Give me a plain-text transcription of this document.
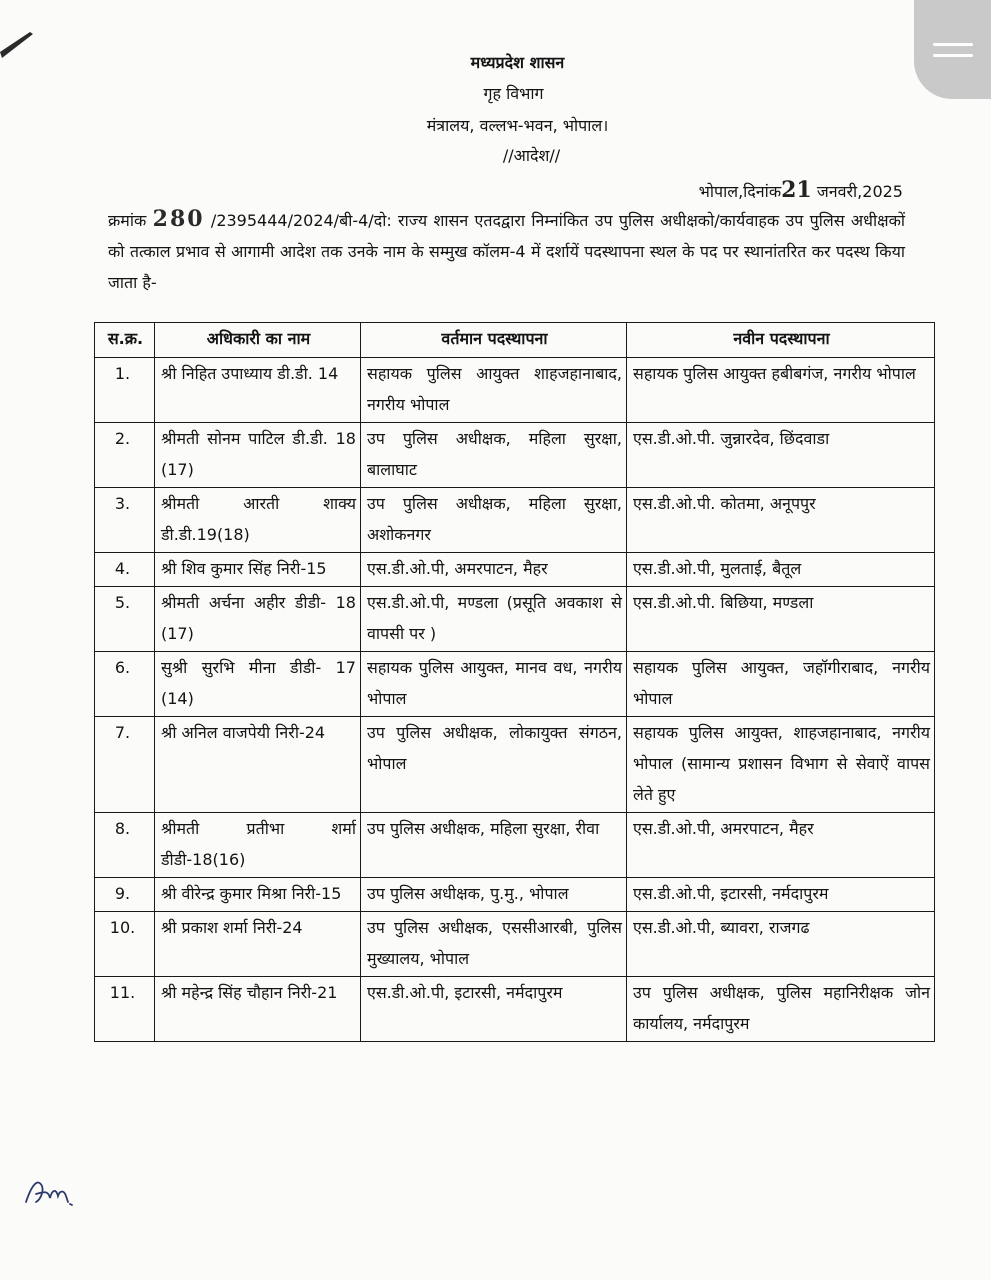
मध्यप्रदेश शासन
गृह विभाग
मंत्रालय, वल्लभ-भवन, भोपाल।
//आदेश//
भोपाल,दिनांक21 जनवरी,2025
क्रमांक 280 /2395444/2024/बी-4/दो: राज्य शासन एतदद्वारा निम्नांकित उप पुलिस अधीक्षको/कार्यवाहक उप पुलिस अधीक्षकों को तत्काल प्रभाव से आगामी आदेश तक उनके नाम के सम्मुख कॉलम-4 में दर्शायें पदस्थापना स्थल के पद पर स्थानांतरित कर पदस्थ किया जाता है-
स.क्र.	अधिकारी का नाम	वर्तमान पदस्थापना	नवीन पदस्थापना
1.	श्री निहित उपाध्याय डी.डी. 14	सहायक पुलिस आयुक्त शाहजहानाबाद, नगरीय भोपाल	सहायक पुलिस आयुक्त हबीबगंज, नगरीय भोपाल
2.	श्रीमती सोनम पाटिल डी.डी. 18 (17)	उप पुलिस अधीक्षक, महिला सुरक्षा, बालाघाट	एस.डी.ओ.पी. जुन्नारदेव, छिंदवाडा
3.	श्रीमती आरती शाक्य डी.डी.19(18)	उप पुलिस अधीक्षक, महिला सुरक्षा, अशोकनगर	एस.डी.ओ.पी. कोतमा, अनूपपुर
4.	श्री शिव कुमार सिंह निरी-15	एस.डी.ओ.पी, अमरपाटन, मैहर	एस.डी.ओ.पी, मुलताई, बैतूल
5.	श्रीमती अर्चना अहीर डीडी- 18 (17)	एस.डी.ओ.पी, मण्डला (प्रसूति अवकाश से वापसी पर )	एस.डी.ओ.पी. बिछिया, मण्डला
6.	सुश्री सुरभि मीना डीडी- 17 (14)	सहायक पुलिस आयुक्त, मानव वध, नगरीय भोपाल	सहायक पुलिस आयुक्त, जहॉगीराबाद, नगरीय भोपाल
7.	श्री अनिल वाजपेयी निरी-24	उप पुलिस अधीक्षक, लोकायुक्त संगठन, भोपाल	सहायक पुलिस आयुक्त, शाहजहानाबाद, नगरीय भोपाल (सामान्य प्रशासन विभाग से सेवाऐं वापस लेते हुए
8.	श्रीमती प्रतीभा शर्मा डीडी-18(16)	उप पुलिस अधीक्षक, महिला सुरक्षा, रीवा	एस.डी.ओ.पी, अमरपाटन, मैहर
9.	श्री वीरेन्द्र कुमार मिश्रा निरी-15	उप पुलिस अधीक्षक, पु.मु., भोपाल	एस.डी.ओ.पी, इटारसी, नर्मदापुरम
10.	श्री प्रकाश शर्मा निरी-24	उप पुलिस अधीक्षक, एससीआरबी, पुलिस मुख्यालय, भोपाल	एस.डी.ओ.पी, ब्यावरा, राजगढ
11.	श्री महेन्द्र सिंह चौहान निरी-21	एस.डी.ओ.पी, इटारसी, नर्मदापुरम	उप पुलिस अधीक्षक, पुलिस महानिरीक्षक जोन कार्यालय, नर्मदापुरम
